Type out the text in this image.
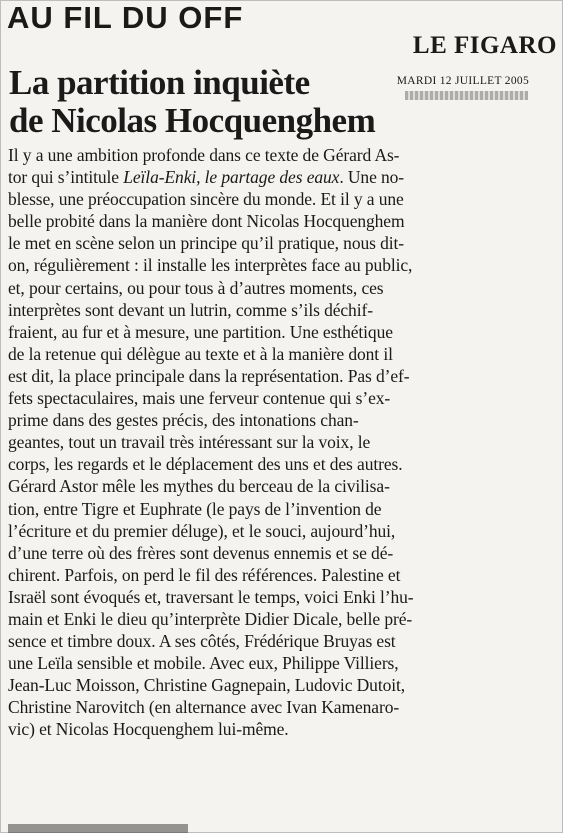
AU FIL DU OFF
LE FIGARO
MARDI 12 JUILLET 2005
La partition inquiète
de Nicolas Hocquenghem
Il y a une ambition profonde dans ce texte de Gérard As-
tor qui s’intitule Leïla-Enki, le partage des eaux. Une no-
blesse, une préoccupation sincère du monde. Et il y a une
belle probité dans la manière dont Nicolas Hocquenghem
le met en scène selon un principe qu’il pratique, nous dit-
on, régulièrement : il installe les interprètes face au public,
et, pour certains, ou pour tous à d’autres moments, ces
interprètes sont devant un lutrin, comme s’ils déchif-
fraient, au fur et à mesure, une partition. Une esthétique
de la retenue qui délègue au texte et à la manière dont il
est dit, la place principale dans la représentation. Pas d’ef-
fets spectaculaires, mais une ferveur contenue qui s’ex-
prime dans des gestes précis, des intonations chan-
geantes, tout un travail très intéressant sur la voix, le
corps, les regards et le déplacement des uns et des autres.
Gérard Astor mêle les mythes du berceau de la civilisa-
tion, entre Tigre et Euphrate (le pays de l’invention de
l’écriture et du premier déluge), et le souci, aujourd’hui,
d’une terre où des frères sont devenus ennemis et se dé-
chirent. Parfois, on perd le fil des références. Palestine et
Israël sont évoqués et, traversant le temps, voici Enki l’hu-
main et Enki le dieu qu’interprète Didier Dicale, belle pré-
sence et timbre doux. A ses côtés, Frédérique Bruyas est
une Leïla sensible et mobile. Avec eux, Philippe Villiers,
Jean-Luc Moisson, Christine Gagnepain, Ludovic Dutoit,
Christine Narovitch (en alternance avec Ivan Kamenaro-
vic) et Nicolas Hocquenghem lui-même.
